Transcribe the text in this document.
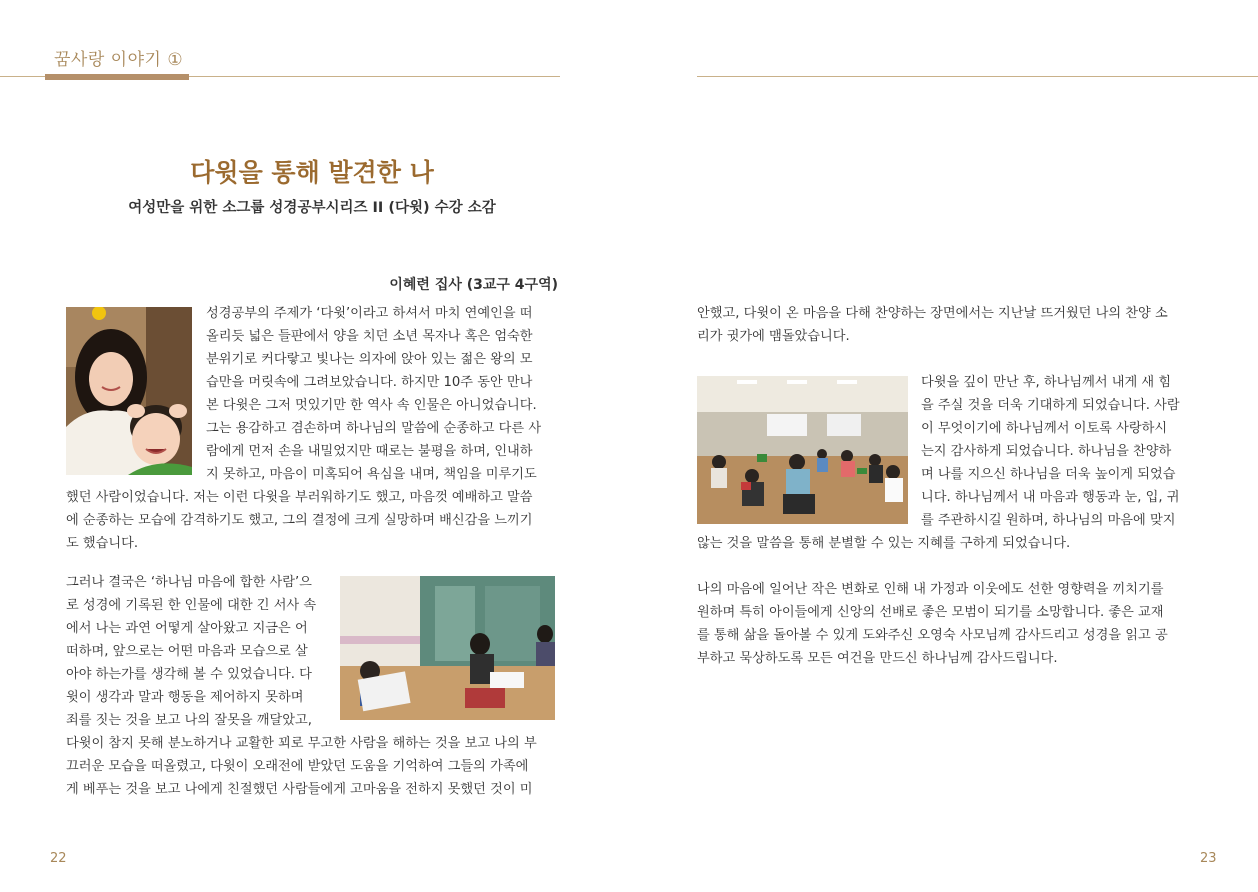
꿈사랑 이야기 ①
다윗을 통해 발견한 나
여성만을 위한 소그룹 성경공부시리즈 II (다윗) 수강 소감
이혜련 집사 (3교구 4구역)

성경공부의 주제가 ‘다윗’이라고 하셔서 마치 연예인을 떠

올리듯 넓은 들판에서 양을 치던 소년 목자나 혹은 엄숙한

분위기로 커다랗고 빛나는 의자에 앉아 있는 젊은 왕의 모

습만을 머릿속에 그려보았습니다. 하지만 10주 동안 만나

본 다윗은 그저 멋있기만 한 역사 속 인물은 아니었습니다.

그는 용감하고 겸손하며 하나님의 말씀에 순종하고 다른 사

람에게 먼저 손을 내밀었지만 때로는 불평을 하며, 인내하

지 못하고, 마음이 미혹되어 욕심을 내며, 책임을 미루기도

했던 사람이었습니다. 저는 이런 다윗을 부러워하기도 했고, 마음껏 예배하고 말씀

에 순종하는 모습에 감격하기도 했고, 그의 결정에 크게 실망하며 배신감을 느끼기

도 했습니다.

그러나 결국은 ‘하나님 마음에 합한 사람’으

로 성경에 기록된 한 인물에 대한 긴 서사 속

에서 나는 과연 어떻게 살아왔고 지금은 어

떠하며, 앞으로는 어떤 마음과 모습으로 살

아야 하는가를 생각해 볼 수 있었습니다. 다

윗이 생각과 말과 행동을 제어하지 못하며

죄를 짓는 것을 보고 나의 잘못을 깨달았고,

다윗이 참지 못해 분노하거나 교활한 꾀로 무고한 사람을 해하는 것을 보고 나의 부

끄러운 모습을 떠올렸고, 다윗이 오래전에 받았던 도움을 기억하여 그들의 가족에

게 베푸는 것을 보고 나에게 친절했던 사람들에게 고마움을 전하지 못했던 것이 미

22

안했고, 다윗이 온 마음을 다해 찬양하는 장면에서는 지난날 뜨거웠던 나의 찬양 소

리가 귓가에 맴돌았습니다.

다윗을 깊이 만난 후, 하나님께서 내게 새 힘

을 주실 것을 더욱 기대하게 되었습니다. 사람

이 무엇이기에 하나님께서 이토록 사랑하시

는지 감사하게 되었습니다. 하나님을 찬양하

며 나를 지으신 하나님을 더욱 높이게 되었습

니다. 하나님께서 내 마음과 행동과 눈, 입, 귀

를 주관하시길 원하며, 하나님의 마음에 맞지

않는 것을 말씀을 통해 분별할 수 있는 지혜를 구하게 되었습니다.

나의 마음에 일어난 작은 변화로 인해 내 가정과 이웃에도 선한 영향력을 끼치기를

원하며 특히 아이들에게 신앙의 선배로 좋은 모범이 되기를 소망합니다. 좋은 교재

를 통해 삶을 돌아볼 수 있게 도와주신 오영숙 사모님께 감사드리고 성경을 읽고 공

부하고 묵상하도록 모든 여건을 만드신 하나님께 감사드립니다.

23
